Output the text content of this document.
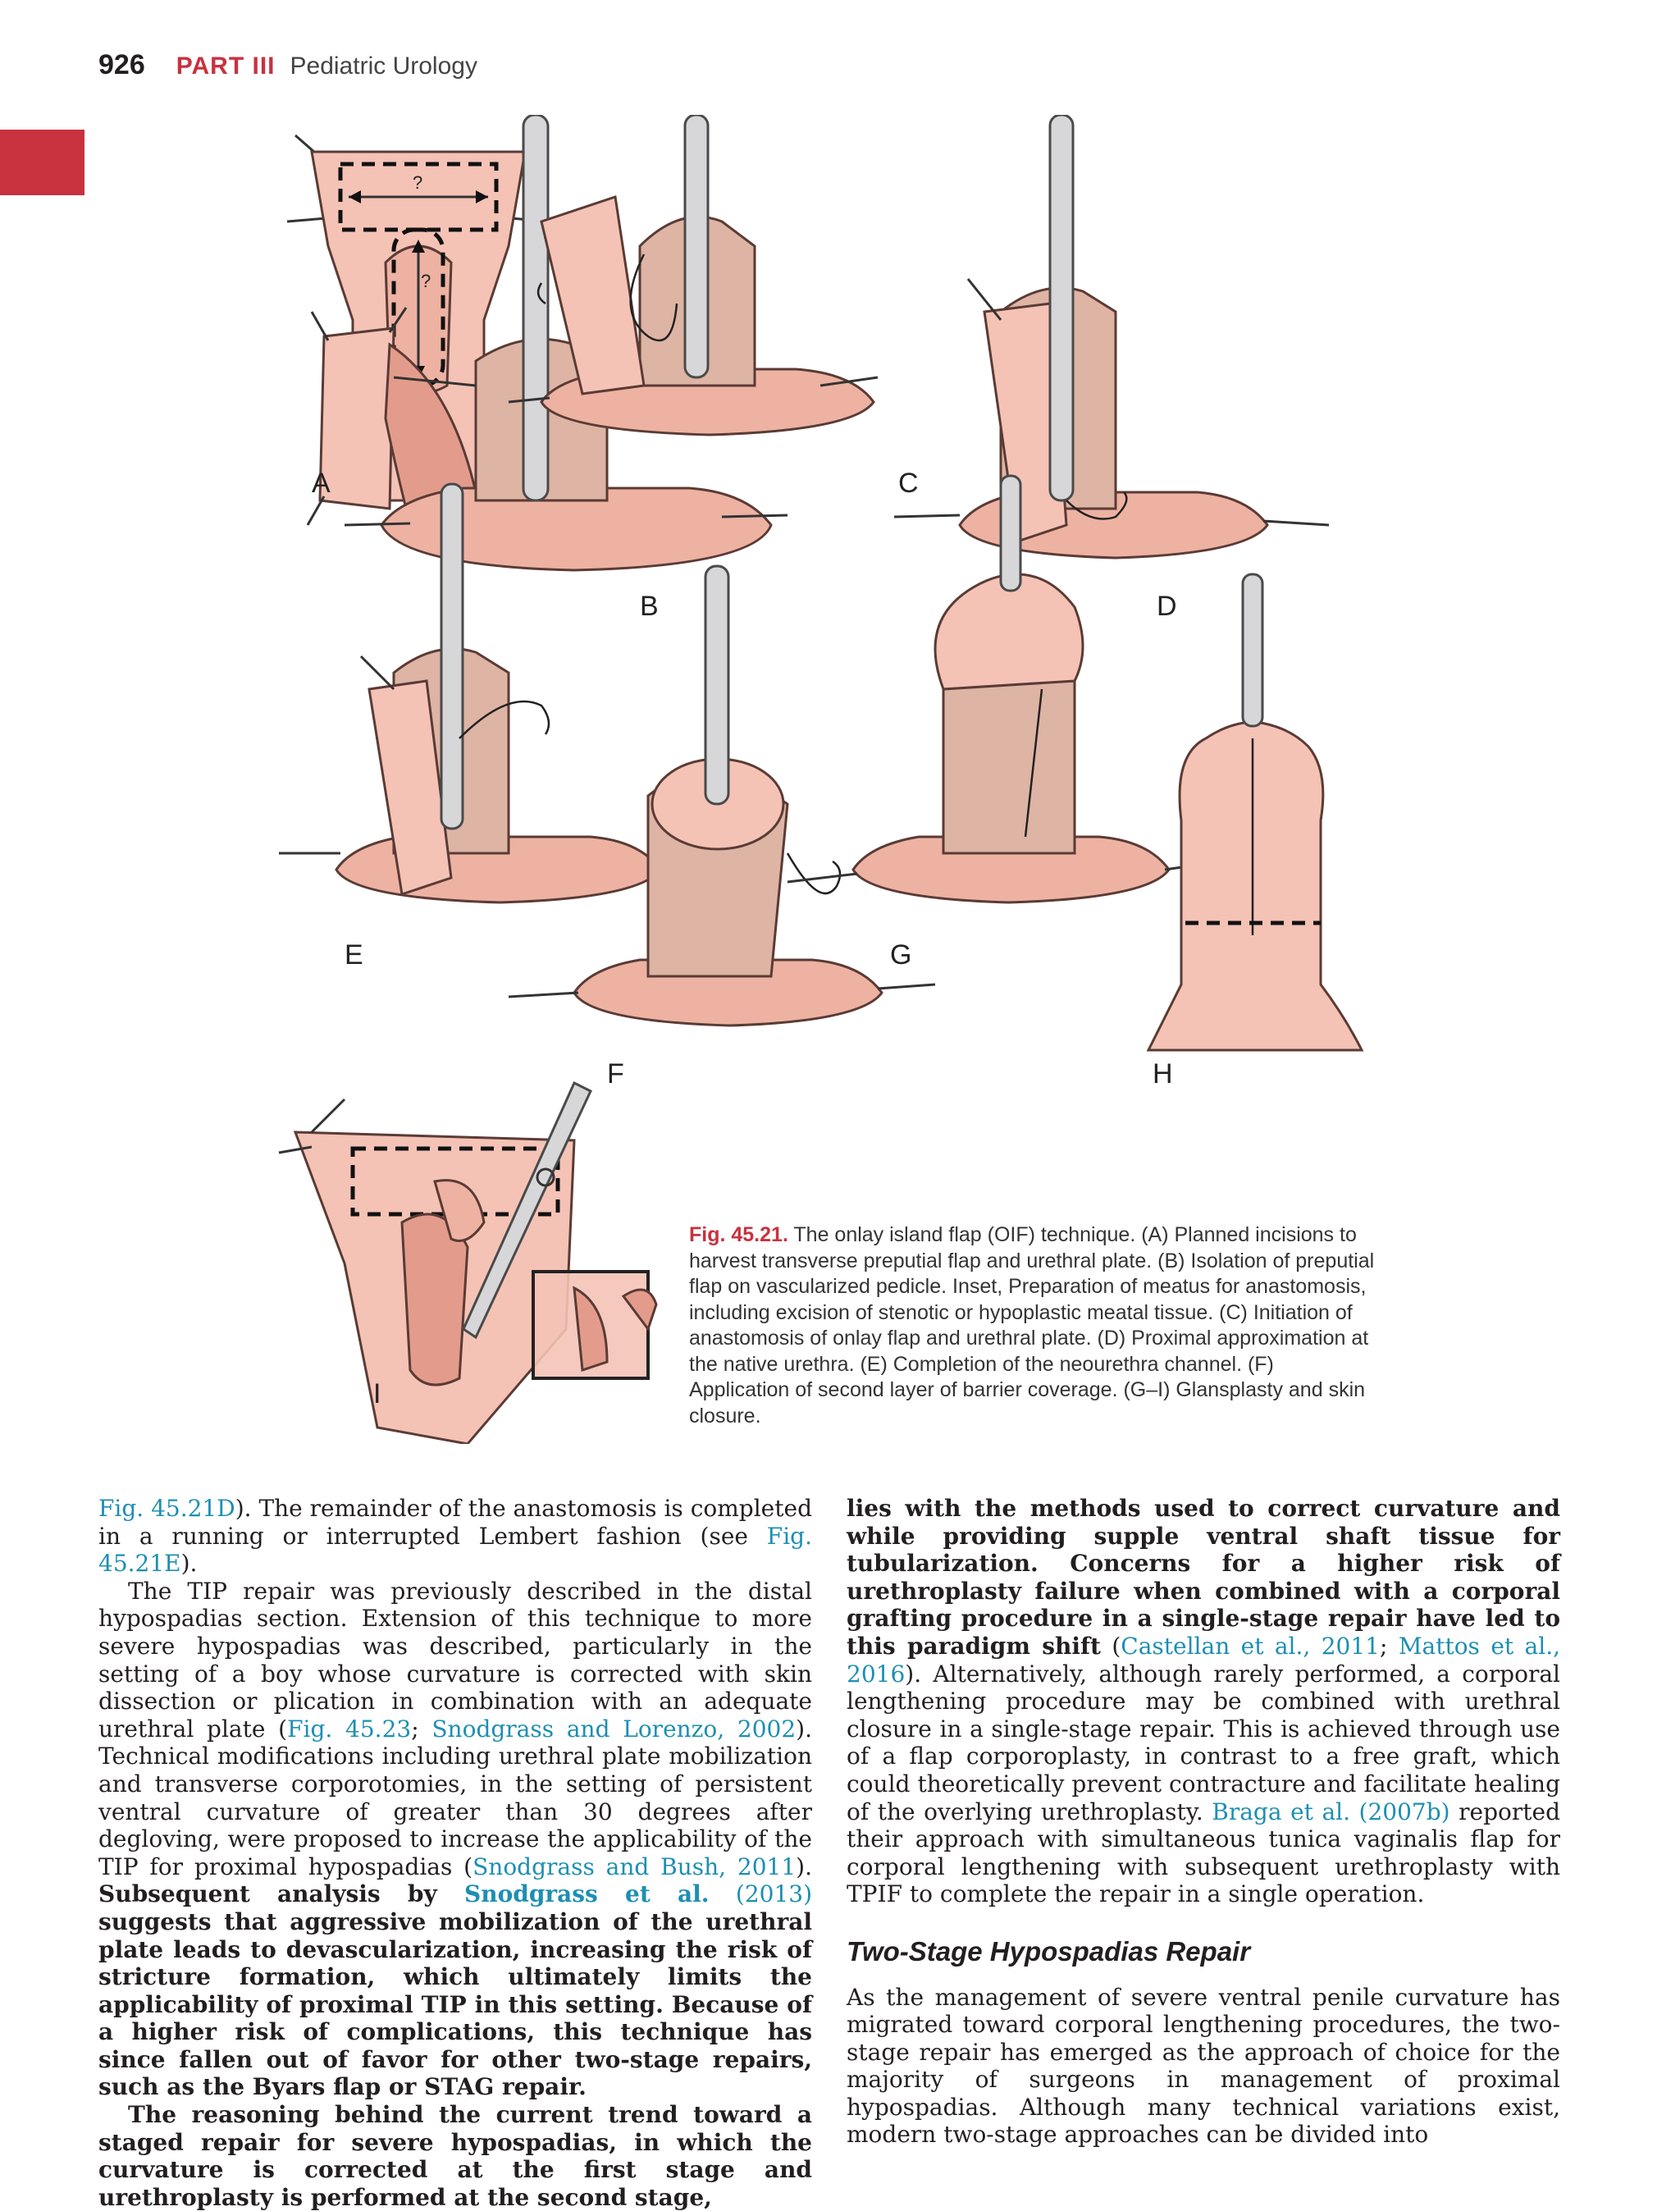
926 PART III Pediatric Urology
?
?
A
B
C
D
E
F
G
H
I
Fig. 45.21. The onlay island flap (OIF) technique. (A) Planned incisions to harvest transverse preputial flap and urethral plate. (B) Isolation of preputial flap on vascularized pedicle. Inset, Preparation of meatus for anastomosis, including excision of stenotic or hypoplastic meatal tissue. (C) Initiation of anastomosis of onlay flap and urethral plate. (D) Proximal approximation at the native urethra. (E) Completion of the neourethra channel. (F) Application of second layer of barrier coverage. (G–I) Glansplasty and skin closure.

Fig. 45.21D). The remainder of the anastomosis is completed in a running or interrupted Lembert fashion (see Fig. 45.21E).

The TIP repair was previously described in the distal hypospadias section. Extension of this technique to more severe hypospadias was described, particularly in the setting of a boy whose curvature is corrected with skin dissection or plication in combination with an adequate urethral plate (Fig. 45.23; Snodgrass and Lorenzo, 2002). Technical modifications including urethral plate mobilization and transverse corporotomies, in the setting of persistent ventral curvature of greater than 30 degrees after degloving, were proposed to increase the applicability of the TIP for proximal hypospadias (Snodgrass and Bush, 2011). Subsequent analysis by Snodgrass et al. (2013) suggests that aggressive mobilization of the urethral plate leads to devascularization, increasing the risk of stricture formation, which ultimately limits the applicability of proximal TIP in this setting. Because of a higher risk of complications, this technique has since fallen out of favor for other two-stage repairs, such as the Byars flap or STAG repair.

The reasoning behind the current trend toward a staged repair for severe hypospadias, in which the curvature is corrected at the first stage and urethroplasty is performed at the second stage,

lies with the methods used to correct curvature and while providing supple ventral shaft tissue for tubularization. Concerns for a higher risk of urethroplasty failure when combined with a corporal grafting procedure in a single-stage repair have led to this paradigm shift (Castellan et al., 2011; Mattos et al., 2016). Alternatively, although rarely performed, a corporal lengthening procedure may be combined with urethral closure in a single-stage repair. This is achieved through use of a flap corporoplasty, in contrast to a free graft, which could theoretically prevent contracture and facilitate healing of the overlying urethroplasty. Braga et al. (2007b) reported their approach with simultaneous tunica vaginalis flap for corporal lengthening with subsequent urethroplasty with TPIF to complete the repair in a single operation.

Two-Stage Hypospadias Repair

As the management of severe ventral penile curvature has migrated toward corporal lengthening procedures, the two-stage repair has emerged as the approach of choice for the majority of surgeons in management of proximal hypospadias. Although many technical variations exist, modern two-stage approaches can be divided into
